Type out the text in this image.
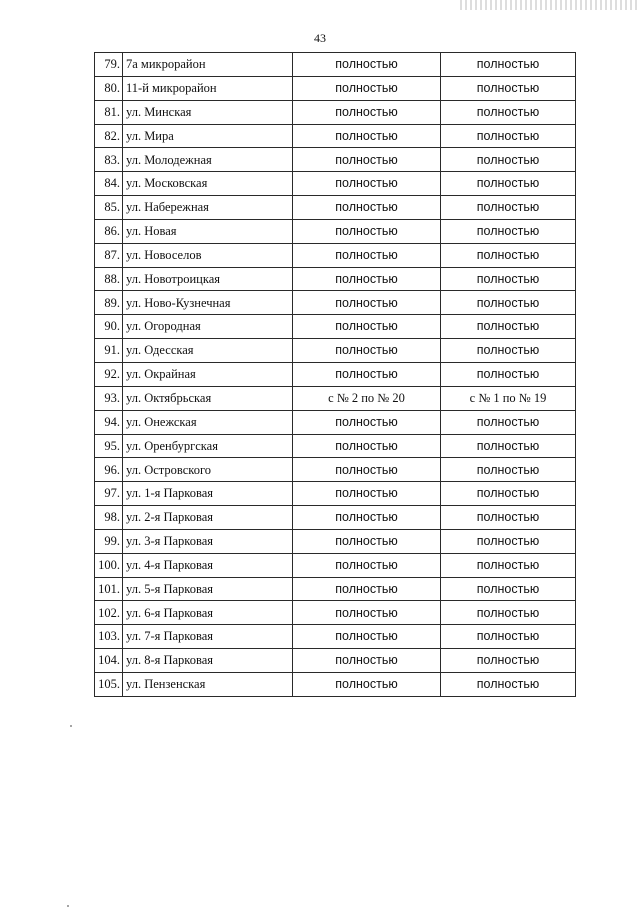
43
79.	7а микрорайон	полностью	полностью
80.	11-й микрорайон	полностью	полностью
81.	ул. Минская	полностью	полностью
82.	ул. Мира	полностью	полностью
83.	ул. Молодежная	полностью	полностью
84.	ул. Московская	полностью	полностью
85.	ул. Набережная	полностью	полностью
86.	ул. Новая	полностью	полностью
87.	ул. Новоселов	полностью	полностью
88.	ул. Новотроицкая	полностью	полностью
89.	ул. Ново-Кузнечная	полностью	полностью
90.	ул. Огородная	полностью	полностью
91.	ул. Одесская	полностью	полностью
92.	ул. Окрайная	полностью	полностью
93.	ул. Октябрьская	с № 2 по № 20	с № 1 по № 19
94.	ул. Онежская	полностью	полностью
95.	ул. Оренбургская	полностью	полностью
96.	ул. Островского	полностью	полностью
97.	ул. 1-я Парковая	полностью	полностью
98.	ул. 2-я Парковая	полностью	полностью
99.	ул. 3-я Парковая	полностью	полностью
100.	ул. 4-я Парковая	полностью	полностью
101.	ул. 5-я Парковая	полностью	полностью
102.	ул. 6-я Парковая	полностью	полностью
103.	ул. 7-я Парковая	полностью	полностью
104.	ул. 8-я Парковая	полностью	полностью
105.	ул. Пензенская	полностью	полностью
